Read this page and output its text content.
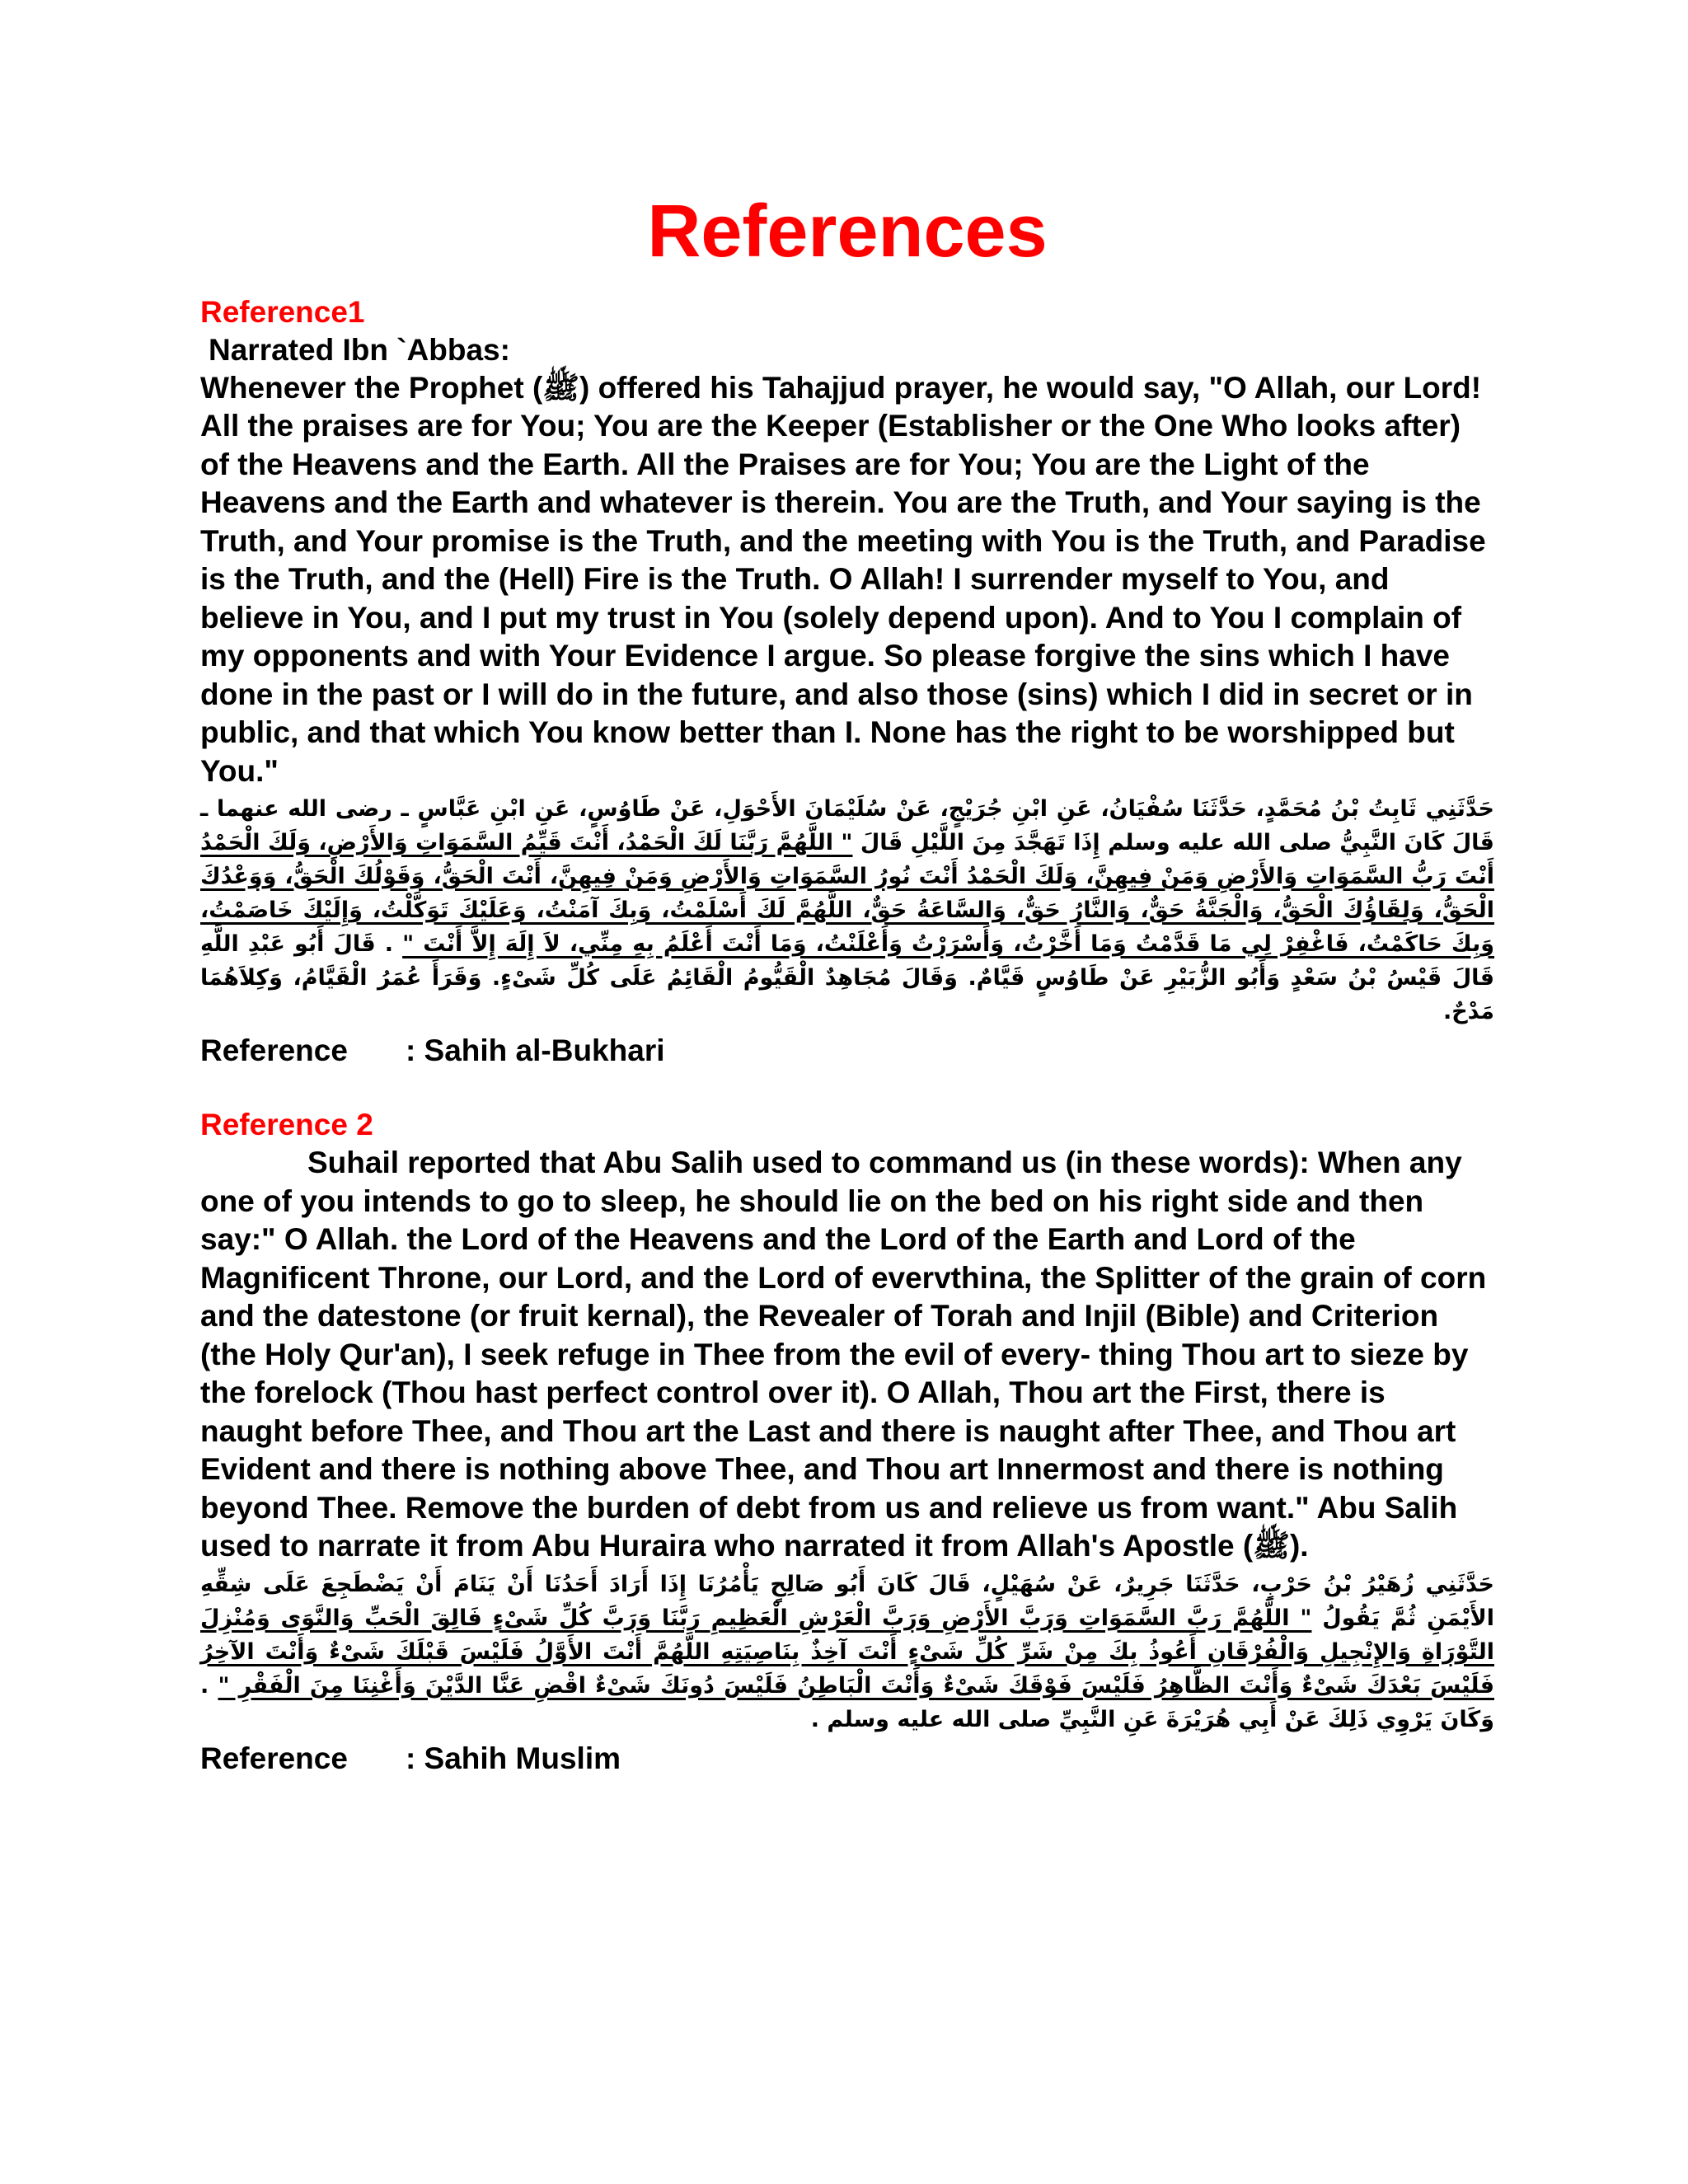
References

Reference1

Narrated Ibn `Abbas:

Whenever the Prophet (ﷺ) offered his Tahajjud prayer, he would say, "O Allah, our Lord! All the praises are for You; You are the Keeper (Establisher or the One Who looks after) of the Heavens and the Earth. All the Praises are for You; You are the Light of the Heavens and the Earth and whatever is therein. You are the Truth, and Your saying is the Truth, and Your promise is the Truth, and the meeting with You is the Truth, and Paradise is the Truth, and the (Hell) Fire is the Truth. O Allah! I surrender myself to You, and believe in You, and I put my trust in You (solely depend upon). And to You I complain of my opponents and with Your Evidence I argue. So please forgive the sins which I have done in the past or I will do in the future, and also those (sins) which I did in secret or in public, and that which You know better than I. None has the right to be worshipped but You."

حَدَّثَنِي ثَابِتُ بْنُ مُحَمَّدٍ، حَدَّثَنَا سُفْيَانُ، عَنِ ابْنِ جُرَيْجٍ، عَنْ سُلَيْمَانَ الأَحْوَلِ، عَنْ طَاوُسٍ، عَنِ ابْنِ عَبَّاسٍ ـ رضى الله عنهما ـ قَالَ كَانَ النَّبِيُّ صلى الله عليه وسلم إِذَا تَهَجَّدَ مِنَ اللَّيْلِ قَالَ " اللَّهُمَّ رَبَّنَا لَكَ الْحَمْدُ، أَنْتَ قَيِّمُ السَّمَوَاتِ وَالأَرْضِ، وَلَكَ الْحَمْدُ أَنْتَ رَبُّ السَّمَوَاتِ وَالأَرْضِ وَمَنْ فِيهِنَّ، وَلَكَ الْحَمْدُ أَنْتَ نُورُ السَّمَوَاتِ وَالأَرْضِ وَمَنْ فِيهِنَّ، أَنْتَ الْحَقُّ، وَقَوْلُكَ الْحَقُّ، وَوَعْدُكَ الْحَقُّ، وَلِقَاؤُكَ الْحَقُّ، وَالْجَنَّةُ حَقٌّ، وَالنَّارُ حَقٌّ، وَالسَّاعَةُ حَقٌّ، اللَّهُمَّ لَكَ أَسْلَمْتُ، وَبِكَ آمَنْتُ، وَعَلَيْكَ تَوَكَّلْتُ، وَإِلَيْكَ خَاصَمْتُ، وَبِكَ حَاكَمْتُ، فَاغْفِرْ لِي مَا قَدَّمْتُ وَمَا أَخَّرْتُ، وَأَسْرَرْتُ وَأَعْلَنْتُ، وَمَا أَنْتَ أَعْلَمُ بِهِ مِنِّي، لاَ إِلَهَ إِلاَّ أَنْتَ " . قَالَ أَبُو عَبْدِ اللَّهِ قَالَ قَيْسُ بْنُ سَعْدٍ وَأَبُو الزُّبَيْرِ عَنْ طَاوُسٍ قَيَّامٌ‏.‏ وَقَالَ مُجَاهِدٌ الْقَيُّومُ الْقَائِمُ عَلَى كُلِّ شَىْءٍ‏.‏ وَقَرَأَ عُمَرُ الْقَيَّامُ، وَكِلاَهُمَا مَدْحٌ‏.

Reference : Sahih al-Bukhari

Reference 2

Suhail reported that Abu Salih used to command us (in these words): When any one of you intends to go to sleep, he should lie on the bed on his right side and then say:" O Allah. the Lord of the Heavens and the Lord of the Earth and Lord of the Magnificent Throne, our Lord, and the Lord of evervthina, the Splitter of the grain of corn and the datestone (or fruit kernal), the Revealer of Torah and Injil (Bible) and Criterion (the Holy Qur'an), I seek refuge in Thee from the evil of every- thing Thou art to sieze by the forelock (Thou hast perfect control over it). O Allah, Thou art the First, there is naught before Thee, and Thou art the Last and there is naught after Thee, and Thou art Evident and there is nothing above Thee, and Thou art Innermost and there is nothing beyond Thee. Remove the burden of debt from us and relieve us from want." Abu Salih used to narrate it from Abu Huraira who narrated it from Allah's Apostle (ﷺ).

حَدَّثَنِي زُهَيْرُ بْنُ حَرْبٍ، حَدَّثَنَا جَرِيرٌ، عَنْ سُهَيْلٍ، قَالَ كَانَ أَبُو صَالِحٍ يَأْمُرُنَا إِذَا أَرَادَ أَحَدُنَا أَنْ يَنَامَ أَنْ يَضْطَجِعَ عَلَى شِقِّهِ الأَيْمَنِ ثُمَّ يَقُولُ " اللَّهُمَّ رَبَّ السَّمَوَاتِ وَرَبَّ الأَرْضِ وَرَبَّ الْعَرْشِ الْعَظِيمِ رَبَّنَا وَرَبَّ كُلِّ شَىْءٍ فَالِقَ الْحَبِّ وَالنَّوَى وَمُنْزِلَ التَّوْرَاةِ وَالإِنْجِيلِ وَالْفُرْقَانِ أَعُوذُ بِكَ مِنْ شَرِّ كُلِّ شَىْءٍ أَنْتَ آخِذٌ بِنَاصِيَتِهِ اللَّهُمَّ أَنْتَ الأَوَّلُ فَلَيْسَ قَبْلَكَ شَىْءٌ وَأَنْتَ الآخِرُ فَلَيْسَ بَعْدَكَ شَىْءٌ وَأَنْتَ الظَّاهِرُ فَلَيْسَ فَوْقَكَ شَىْءٌ وَأَنْتَ الْبَاطِنُ فَلَيْسَ دُونَكَ شَىْءٌ اقْضِ عَنَّا الدَّيْنَ وَأَغْنِنَا مِنَ الْفَقْرِ " . وَكَانَ يَرْوِي ذَلِكَ عَنْ أَبِي هُرَيْرَةَ عَنِ النَّبِيِّ صلى الله عليه وسلم .

Reference : Sahih Muslim
